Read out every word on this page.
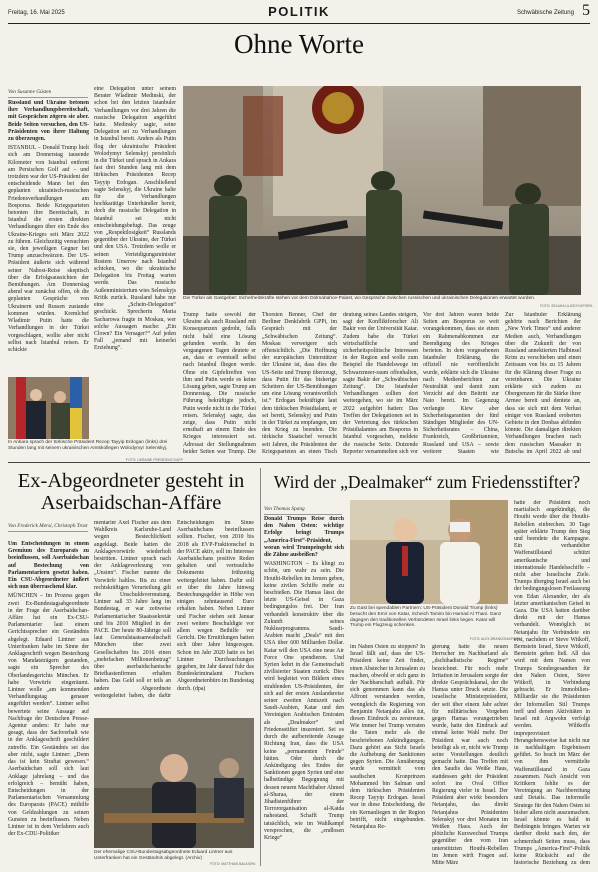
Freitag, 16. Mai 2025	POLITIK	Schwäbische Zeitung 5
Ohne Worte
Von Susanne Güsten

Russland und Ukraine betonen ihre Verhandlungsbereitschaft, mit Gesprächen zögern sie aber. Beide Seiten versuchen, den US-Präsidenten von ihrer Haltung zu überzeugen.

ISTANBUL – Donald Trump hielt sich am Donnerstag tausende Kilometer von Istanbul entfernt am Persischen Golf auf – und trotzdem war der US-Präsident der entscheidende Mann bei den geplanten ukrainisch-russischen Friedensverhandlungen am Bosporus. Beide Kriegsparteien betonten ihre Bereitschaft, in Istanbul die ersten direkten Verhandlungen über ein Ende des Ukraine-Krieges seit März 2022 zu führen. Gleichzeitig versuchten sie, den jeweiligen Gegner bei Trump anzuschwärzen. Der US-Präsident äußerte sich während seiner Nahost-Reise skeptisch über die Erfolgsaussichten der Bemühungen. Am Donnerstag abend war zunächst offen, ob die geplanten Gespräche von Ukrainern und Russen zustande kommen würden. Kremlchef Wladimir Putin hatte die Verhandlungen in der Türkei vorgeschlagen, wollte aber nicht selbst nach Istanbul reisen. Er schickte

eine Delegation unter seinem Berater Wladimir Medinski, der schon bei den letzten Istanbuler Verhandlungen vor drei Jahren die russische Delegation angeführt hatte. Medinsky sagte, seine Delegation sei zu Verhandlungen in Istanbul bereit. Anders als Putin flog der ukrainische Präsident Wolodymyr Selenskyj persönlich in die Türkei und sprach in Ankara fast drei Stunden lang mit dem türkischen Präsidenten Recep Tayyip Erdogan. Anschließend sagte Selenskyj, die Ukraine halte für die Verhandlungen hochkarätige Unterhändler bereit, doch die russische Delegation in Istanbul sei nicht entscheidungsbefugt. Das zeuge von „Respektlosigkeit“ Russlands gegenüber der Ukraine, der Türkei und den USA. Trotzdem wolle er seinen Verteidigungsminister Rustem Umerow nach Istanbul schicken, wo die ukrainische Delegation bis Freitag warten werde. Das russische Außenministerium wies Selenskyjs Kritik zurück. Russland habe nur eine „Schein-Delegation“ geschickt. Sprecherin Maria Sacharowa fragte in Moskau, wer solche Aussagen mache: „Ein Clown? Ein Versager?“ Auf jeden Fall „jemand mit keinerlei Erziehung“.

Die Türkei als Gastgeber: Sicherheitskräfte stehen vor dem Dolmabahce-Palast, wo Gespräche zwischen russischen und ukrainischen Delegationen erwartet wurden.
FOTO: SELAHA ULUSOY/AP/DPA
In Ankara sprach der türkische Präsident Recep Tayyip Erdogan (links) drei Stunden lang mit seinem ukrainischen Amtskollegen Wolodymyr Selenskyj.
FOTO: UKRAINE PRESIDENCY/AFP

Trump hatte sowohl der Ukraine als auch Russland mit Konsequenzen gedroht, falls nicht bald eine Lösung gefunden werde. In den vergangenen Tagen deutete er an, dass er eventuell selbst nach Istanbul fliegen werde. Ohne ein Gipfeltreffen von ihm und Putin werde es keine Lösung geben, sagte Trump am Donnerstag. Die russische Führung bekräftigte jedoch, Putin werde nicht in die Türkei reisen. Selenskyj sagte, das zeige, dass Putin nicht ernsthaft an einem Ende des Krieges interessiert sei. Adressat der Stellungnahmen beider Seiten war Trump. Die

Thorsten Benner, Chef der Berliner Denkfabrik GPPi, im Gespräch mit der „Schwäbischen Zeitung“. Moskau verweigere sich offensichtlich. „Die Hoffnung der europäischen Unterstützer der Ukraine ist, dass dies die US-Seite und Trump überzeugt, dass Putin für das bisherige Scheitern der US-Bemühungen um eine Lösung verantwortlich ist.“ Erdogan bekräftigte laut dem türkischen Präsidialamt, er sei bereit, Selenskyj und Putin in der Türkei zu empfangen, um den Krieg zu beenden. Die türkische Staatschef versucht seit Jahren, die Präsidenten der Kriegsparteien an einen Tisch

deutung seines Landes steigern, sagt der Konfliktforscher Ali Bakir von der Universität Katar. Zudem habe die Türkei wirtschaftliche und sicherheitspolitische Interessen in der Region und wolle zum Beispiel die Handelswege im Schwarzmeer-raum offenhalten, sagte Bakir der „Schwäbischen Zeitung“. Die Istanbuler Verhandlungen sollten dort weitergehen, wo sie im März 2022 aufgehört hatten: Das Treffen der Delegationen sei in der Vertretung des türkischen Präsidialamtes am Bosporus in Istanbul vorgesehen, meldete die russische Seite. Dutzende Reporter versammelten sich vor

Vor drei Jahren waren beide Seiten am Bosporus so weit vorangekommen, dass sie einen ein Rahmenabkommen zur Beendigung des Krieges berieten. In dem vorgesehenen Istanbuler Erklärung, die offiziell nie veröffentlicht wurde, erklärte sich die Ukraine nach Medienberichten zur Neutralität und damit zum Verzicht auf den Beitritt zur Nato bereit. Im Gegenzug verlangte Kiew aber Sicherheitsgarantien der fünf Ständigen Mitglieder des UN-Sicherheitsrates – China, Frankreich, Großbritannien, Russland und USA – sowie weiterer Staaten wie

Zur Istanbuler Erklärung gehörte nach Berichten der „New York Times“ und anderer Medien auch, Verhandlungen über die Zukunft der von Russland annektierten Halbinsel Krim zu verschieben und einen Zeitraum von bis zu 15 Jahren für die Klärung dieser Frage zu vereinbaren. Die Ukraine erklärte sich zudem zu Obergrenzen für die Stärke ihrer Armee bereit und dentete an, dass sie sich mit dem Verlust einiger von Russland eroberten Gebiete in den Donbas abfinden könnte. Die damaligen direkten Verhandlungen brachen nach dem russischen Massaker in Butscha im April 2022 ab und

Ex-Abgeordneter gesteht in Aserbaidschan-Affäre
Von Frederick Mersi, Christoph Trost

Um Entscheidungen in einem Gremium des Europarats zu beeinflussen, soll Aserbaidschan auf Bestechung von Parlamentariern gesetzt haben. Ein CSU-Abgeordneter äußert sich nun überraschend klar.

MÜNCHEN – Im Prozess gegen zwei Ex-Bundestagsabgeordnete in der Frage der Aserbaidschan-Affäre hat ein Ex-CSU-Parlamentarier laut einem Gerichtssprecher ein Geständnis abgelegt. Eduard Lintner aus Unterfranken habe im Sinne der Anklageschrift wegen Bestechung von Mandatsträgern gestanden, sagte ein Sprecher des Oberlandesgerichts München. Er habe Vorwürfe eingeräumt. Lintner wolle „am kommenden Verhandlungstag genauer angeführt werden“. Lintner selbst bewertete seine Aussage auf Nachfrage der Deutschen Presse-Agentur anders: Er habe nur gesagt, dass der Sachverhalt wie in der Anklageschrift geschildert zutreffe. Ein Geständnis sei das aber nicht, sagte Lintner: „Denn das ist kein Straftat gewesen.“ Aserbaidschan soll sich laut Anklage jahrelang – und das erfolgreich – bemüht haben, Entscheidungen in der Parlamentarischen Versammlung des Europarats (PACE) mithilfe von Geldzahlungen zu seinen Gunsten zu beeinflussen. Neben Lintner ist in dem Verfahren auch der Ex-CDU-Politiker

mentarier Axel Fischer aus dem Wahlkreis Karlsruhe-Land wegen Bestechlichkeit angeklagt. Beide hatten die Anklagevorwürfe wiederholt bestritten. Lintner sprach nach der Anklageverlesung von „Unsinn“. Fischer nannte die Vorwürfe haltlos. Bis zu einer rechtskräftigen Verurteilung gilt die Unschuldsvermutung. Lintner saß 33 Jahre lang im Bundestag, er war zeitweise Parlamentarischer Staatssekretär und bis 2010 Mitglied in der PACE. Der heute 80-Jährige soll laut Generalstaatsanwaltschaft München über zwei Gesellschaften bis 2016 einen „mehrfachen Millionenbetrag“ über aserbaidschanische Briefkastenfirmen erhalten haben. Das Geld soll er teils an andere Abgeordnete weitergeleitet haben, die dafür Entscheidungen im Sinne Aserbaidschans beeinflussen sollten. Fischer, von 2010 bis 2018 als EVP-Fraktionschef in der PACE aktiv, soll im Interesse Aserbaidschans positive Reden gehalten und vertrauliche Dokumente frühzeitig weitergeleitet haben. Dafür soll er über die Jahre hinweg Bestechungsgelder in Höhe von einigen zehntausend Euro erhalten haben. Neben Lintner und Fischer stehen seit Januar zwei weitere Beschuldigte vor allem wegen Beihilfe vor Gericht. Die Ermittlungen hatten sich über Jahre hingezogen. Schon im Jahr 2020 hatte es bei Lintner Durchsuchungen gegeben, im Jahr darauf fuhr das Bundeskriminalamt Fischers Abgeordnetenbüro im Bundestag durch. (dpa)

Der ehemalige CSU-Bundestagsabgeordnete Eduard Lintner aus Unterfranken hat ein Geständnis abgelegt. (Archiv)
FOTO: MATTHIAS BALK/DPA
Wird der „Dealmaker“ zum Friedensstifter?
Von Thomas Spang

Donald Trumps Reise durch den Nahen Osten: wichtige Erfolge bringt Trumps „America-First“-Präsident, woran wird Trumpeingeht sich die Zähne ausbeißen?

WASHINGTON – Es klingt zu schön, um wahr zu sein. Die Houthi-Rebellen im Jemen geben, keine zivilen Schiffe mehr zu beschießen. Die Hamas lässt die letzte US-Geisel in Gaza bedingungslos frei. Der Iran verhandelt konstruktiv über die Zukunft seines Nuklearprogramms. Saudi-Arabien macht „Deals“ mit den USA über 600 Milliarden Dollar. Katar will den USA eine neue Air Force One spendieren. Und Syrien kehrt in die Gemeinschaft zivilisierter Staaten zurück. Dies wird begleitet von Bildern eines strahlenden US-Präsidenten, der sich auf der ersten Auslandsreise seiner zweiten Amtszeit nach Saudi-Arabien, Katar und den Vereinigten Arabischen Emiraten als „Dealmaker“ und Friedensstifter inszeniert. Sei es durch die aufbereitende Ansage Richtung Iran, dass die USA keine „permanenten Feinde“ hätten. Oder durch die Ankündigung des Endes der Sanktionen gegen Syrien und eine halbstündige Begegnung mit dessen neuem Machthaber Ahmed al-Sharaa, der einem Jihadistenführer der Terrororganisation al-Kaida nahestand. Schafft Trump tatsächlich, wie im Wahlkampf versprochen, die „endlosen Kriege“

Zu Gast bei spendablen Partnern: US-Präsident Donald Trump (links) besucht den Emir von Katar, Scheich Tamim bin Hamad Al Thani. Ganz dagegen den traditionellen Verbündeten Israel links liegen. Katar will Trump ein Flugzeug schenken.
FOTO: ALEX BRANDON/AP/DPA

im Nahen Osten zu stoppen? In Israel fällt auf, dass der US-Präsident keine Zeit findet, einen Abstecher in Jerusalem zu machen, obwohl er sich ganz in der Nachbarschaft aufhält. Für sich genommen kann das als Affront verstanden werden, wenngleich die Regierung von Benjamin Netanjahu alles tut, diesen Eindruck zu zerstreuen. Wie immer bei Trump verraten die Taten mehr als die beschriebenen Ankündigungen. Dazu gehört aus Sicht Israels die Aufhebung der Sanktionen gegen Syrien. Die Annäherung wurde vermittelt vom saudischen Kronprinzen Mohammed bin Salman und dem türkischen Präsidenten Recep Tayyip Erdogan. Israel war in diese Entscheidung, die ein Kernanliegen in der Region betrifft, nicht eingebunden. Netanjahus Re-

gierung hatte die neuen Herrscher im Nachbarland als „dschihadistische Regime“ bezeichnet. Für noch mehr Irritation in Jerusalem sorgte der direkte Gesprächskanal, der die Hamas unter Druck setzte. Die israelische Ministerpräsident, der seit über einem Jahr achtet für militärisches Vorgehen gegen Hamas vorangetrieben wurde, hatte den Eindruck auf einmal keine Wahl mehr. Der Präsident war auch noch beteiligt als er, nicht wie Trump seine Vorstellungen deutlich gemacht hatte. Das Treffen mit den Saudis das Weiße Haus, stattdessen geht der Präsident sofort ins Oval Office Regierung vieler in Israel. Der Präsident aber wirkt besonders Netanjahu, das direkt Netanjahus Präsidenten Selenskyj vor drei Monaten im Weißen Haus. Auch der plötzliche Kurswechsel Trumps gegenüber den vom Iran unterstützten Houthi-Rebellen im Jemen wirft Fragen auf. Mitte März

hatte der Präsident noch martialisch angekündigt, die Houthi werde über die Houthi-Rebellen einbrechen. 30 Tage später erklärte Trump den Sieg und beendete die Kampagne. Ein verhandelter Waffenstillstand schützt amerikanische und internationale Handelsschiffe – nicht aber Israelische Ziele. Trumps überging Israel auch bei der bedingungslosen Freilassung von Edan Alexander, der als letzter amerikanischen Geisel in Gaza. Die USA hatten darüber direkt mit der Hamas verhandelt. Womöglich ist Netanjahu für Verbündete ein erst, nachdem er Steve Witkoff, Bernstein Israel, Steve Witkoff, Bernstein gehen ließ. All das wird mit dem Namen von Trumps Sondergesandten für den Nahen Osten, Steve Witkoff, in Verbindung gebracht. Er Immobilien-Milliardär sie die Präsidenten der Informellen Stil Trumps treff und denen Aktivitäten in Israel mit Argwohn verfolgt werden. Wiltkoffs impreprovisiert Herangehensweise hat nicht nur in nachhaltigen Ergebnissen geführt. So brach im März der von ihm vermittelte Waffenstillstand in Gaza zusammen. Nach Ansicht von Kritikern fehlte es der Vereinigung an Nachbereitung und Details. Das informelle Stratege für den Nahen Osten ist bisher allem nicht auszumachen. Israel könnte es bald in Bedrängnis bringen. Warten wir darüber direkt nach den, der schmerzhaft Seiten muss, dass Trumps „America-First“-Politik keine Rücksicht auf die historische Beziehung zu dem
